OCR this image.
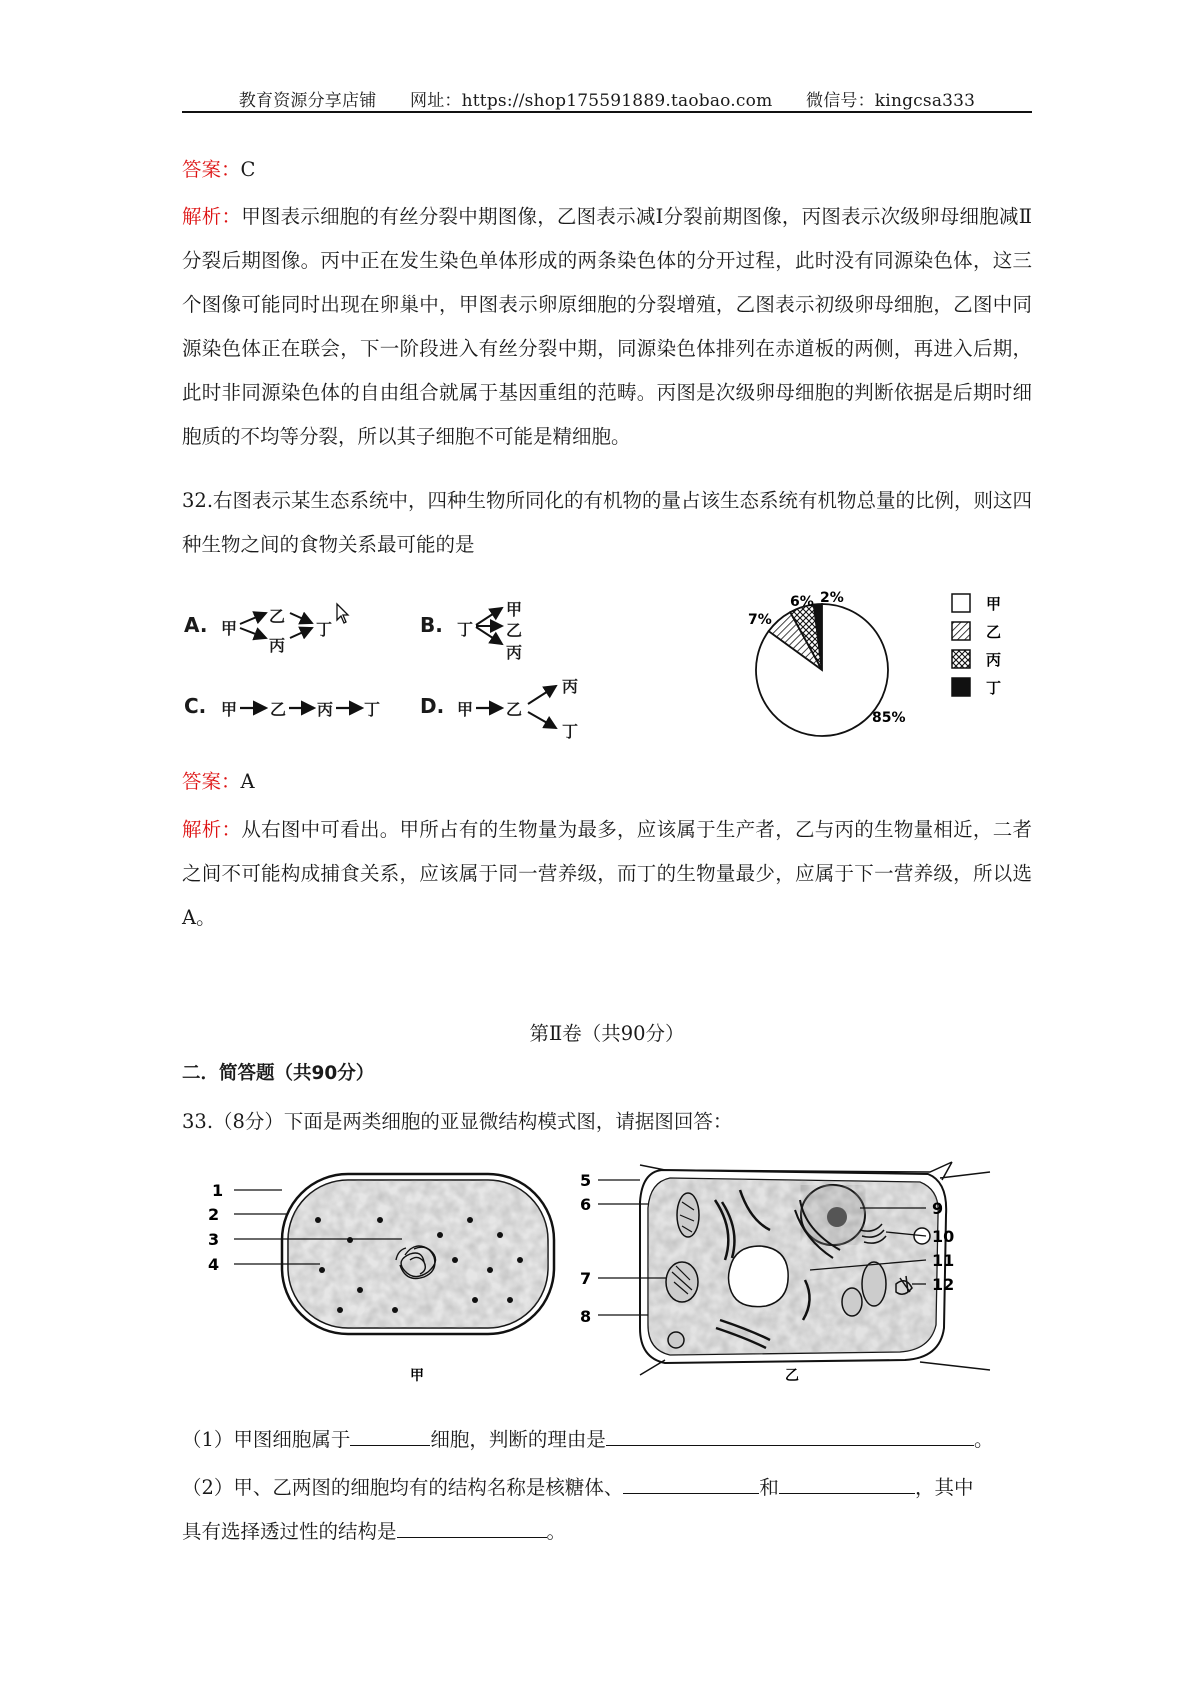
教育资源分享店铺 网址：https://shop175591889.taobao.com 微信号：kingcsa333
答案：C
解析：甲图表示细胞的有丝分裂中期图像，乙图表示减Ⅰ分裂前期图像，丙图表示次级卵母细胞减Ⅱ分裂后期图像。丙中正在发生染色单体形成的两条染色体的分开过程，此时没有同源染色体，这三个图像可能同时出现在卵巢中，甲图表示卵原细胞的分裂增殖，乙图表示初级卵母细胞，乙图中同源染色体正在联会，下一阶段进入有丝分裂中期，同源染色体排列在赤道板的两侧，再进入后期，此时非同源染色体的自由组合就属于基因重组的范畴。丙图是次级卵母细胞的判断依据是后期时细胞质的不均等分裂，所以其子细胞不可能是精细胞。
32.右图表示某生态系统中，四种生物所同化的有机物的量占该生态系统有机物总量的比例，则这四种生物之间的食物关系最可能的是
A. 甲
乙
丙
丁	B. 丁
甲
乙
丙
C. 甲 乙 丙 丁 D. 甲 乙
丙
丁
2%
6%
7%
85%
甲
乙
丙
丁
答案：A
解析：从右图中可看出。甲所占有的生物量为最多，应该属于生产者，乙与丙的生物量相近，二者之间不可能构成捕食关系，应该属于同一营养级，而丁的生物量最少，应属于下一营养级，所以选A。
第Ⅱ卷（共90分）
二．简答题（共90分）
33.（8分）下面是两类细胞的亚显微结构模式图，请据图回答：
1
2
3
4
甲
5
6
7
8
9
10
11
12
乙
（1）甲图细胞属于	细胞，判断的理由是	。
（2）甲、乙两图的细胞均有的结构名称是核糖体、	和	，其中
具有选择透过性的结构是	。
